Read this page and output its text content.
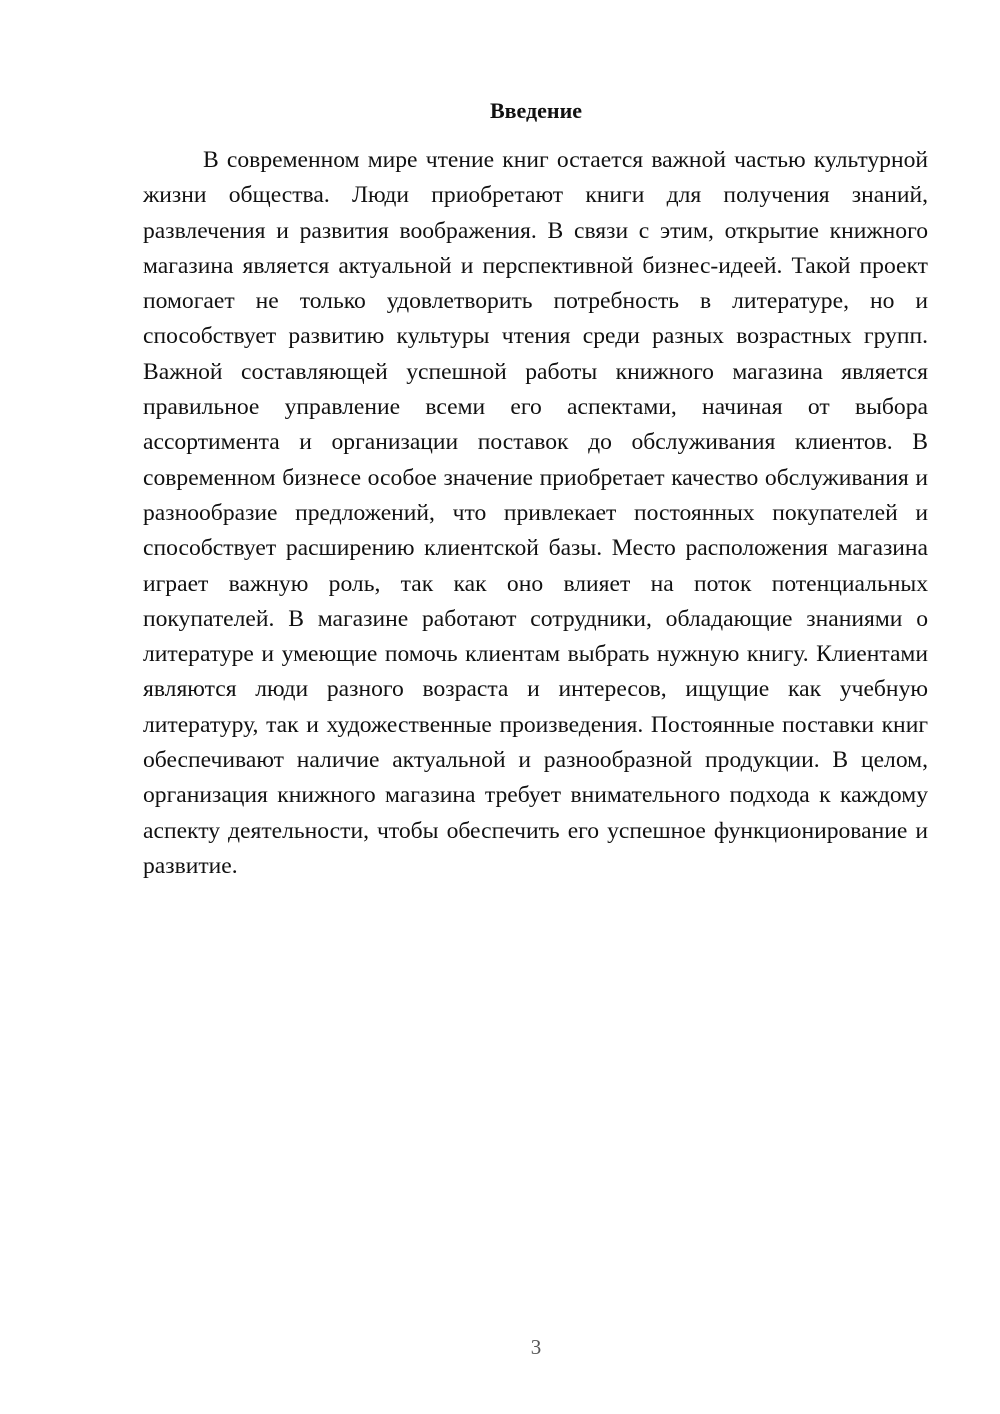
Введение

В современном мире чтение книг остается важной частью культурной жизни общества. Люди приобретают книги для получения знаний, развлечения и развития воображения. В связи с этим, открытие книжного магазина является актуальной и перспективной бизнес-идеей. Такой проект помогает не только удовлетворить потребность в литературе, но и способствует развитию культуры чтения среди разных возрастных групп. Важной составляющей успешной работы книжного магазина является правильное управление всеми его аспектами, начиная от выбора ассортимента и организации поставок до обслуживания клиентов. В современном бизнесе особое значение приобретает качество обслуживания и разнообразие предложений, что привлекает постоянных покупателей и способствует расширению клиентской базы. Место расположения магазина играет важную роль, так как оно влияет на поток потенциальных покупателей. В магазине работают сотрудники, обладающие знаниями о литературе и умеющие помочь клиентам выбрать нужную книгу. Клиентами являются люди разного возраста и интересов, ищущие как учебную литературу, так и художественные произведения. Постоянные поставки книг обеспечивают наличие актуальной и разнообразной продукции. В целом, организация книжного магазина требует внимательного подхода к каждому аспекту деятельности, чтобы обеспечить его успешное функционирование и развитие.

3
